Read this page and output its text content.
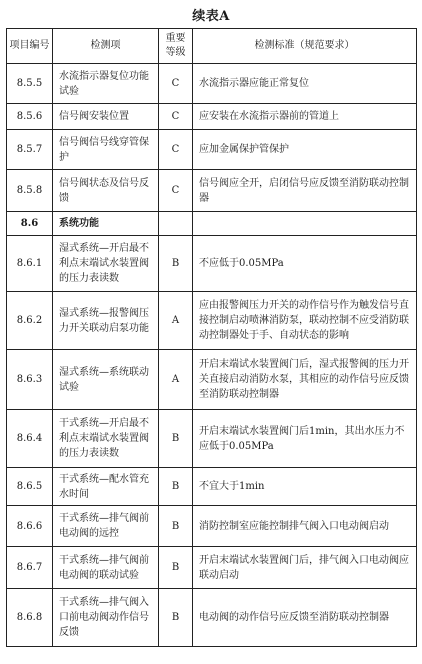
续表A
项目编号	检测项	重要等级	检测标准（规范要求）
8.5.5	水流指示器复位功能试验	C	水流指示器应能正常复位
8.5.6	信号阀安装位置	C	应安装在水流指示器前的管道上
8.5.7	信号阀信号线穿管保护	C	应加金属保护管保护
8.5.8	信号阀状态及信号反馈	C	信号阀应全开，启闭信号应反馈至消防联动控制器
8.6	系统功能		
8.6.1	湿式系统—开启最不利点末端试水装置阀的压力表读数	B	不应低于0.05MPa
8.6.2	湿式系统—报警阀压力开关联动启泵功能	A	应由报警阀压力开关的动作信号作为触发信号直接控制启动喷淋消防泵，联动控制不应受消防联动控制器处于手、自动状态的影响
8.6.3	湿式系统—系统联动试验	A	开启末端试水装置阀门后，湿式报警阀的压力开关直接启动消防水泵，其相应的动作信号应反馈至消防联动控制器
8.6.4	干式系统—开启最不利点末端试水装置阀的压力表读数	B	开启末端试水装置阀门后1min，其出水压力不应低于0.05MPa
8.6.5	干式系统—配水管充水时间	B	不宜大于1min
8.6.6	干式系统—排气阀前电动阀的远控	B	消防控制室应能控制排气阀入口电动阀启动
8.6.7	干式系统—排气阀前电动阀的联动试验	B	开启末端试水装置阀门后，排气阀入口电动阀应联动启动
8.6.8	干式系统—排气阀入口前电动阀动作信号反馈	B	电动阀的动作信号应反馈至消防联动控制器
